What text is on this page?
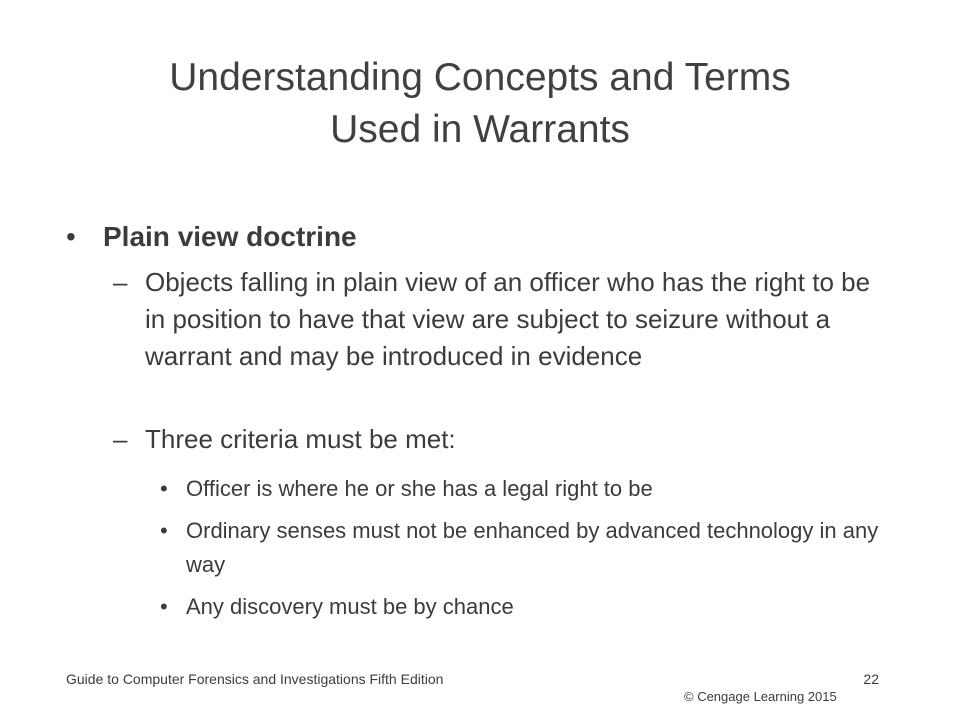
Understanding Concepts and Terms
Used in Warrants
• Plain view doctrine
– Objects falling in plain view of an officer who has the right to be in position to have that view are subject to seizure without a warrant and may be introduced in evidence
– Three criteria must be met:
• Officer is where he or she has a legal right to be
• Ordinary senses must not be enhanced by advanced technology in any way
• Any discovery must be by chance
Guide to Computer Forensics and Investigations Fifth Edition	22
© Cengage Learning 2015
